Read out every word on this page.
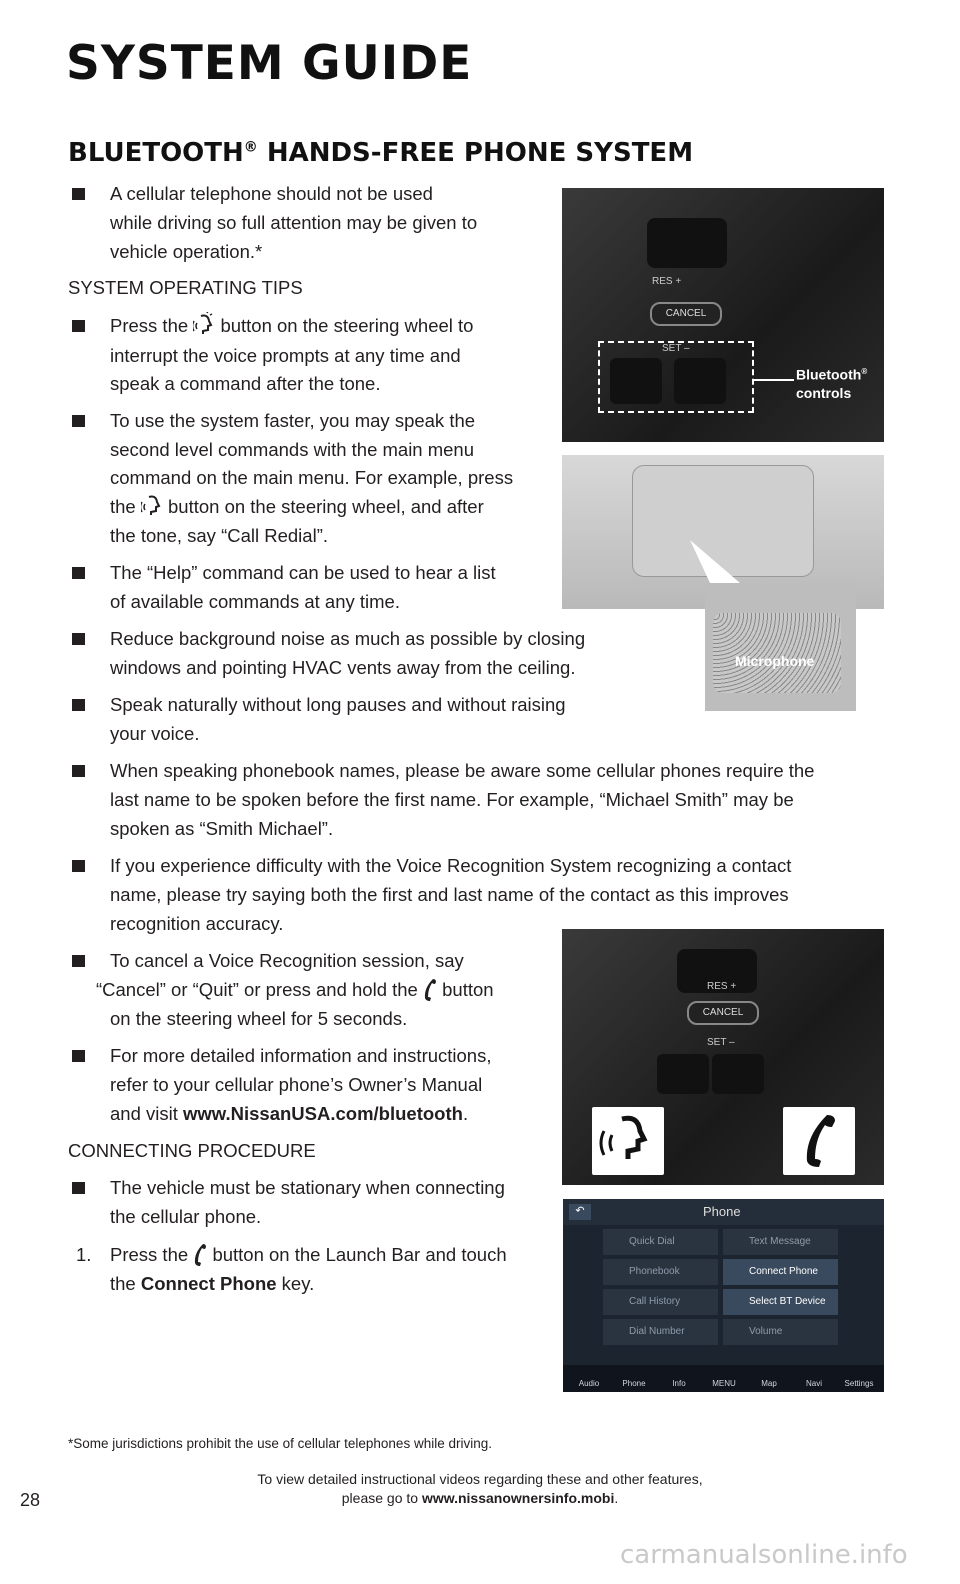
SYSTEM GUIDE
BLUETOOTH® HANDS-FREE PHONE SYSTEM
A cellular telephone should not be used
while driving so full attention may be given to
vehicle operation.*
SYSTEM OPERATING TIPS
Press the button on the steering wheel to
interrupt the voice prompts at any time and
speak a command after the tone.
To use the system faster, you may speak the
second level commands with the main menu
command on the main menu. For example, press
the button on the steering wheel, and after
the tone, say “Call Redial”.
The “Help” command can be used to hear a list
of available commands at any time.
Reduce background noise as much as possible by closing
windows and pointing HVAC vents away from the ceiling.
Speak naturally without long pauses and without raising
your voice.
When speaking phonebook names, please be aware some cellular phones require the
last name to be spoken before the first name. For example, “Michael Smith” may be
spoken as “Smith Michael”.
If you experience difficulty with the Voice Recognition System recognizing a contact
name, please try saying both the first and last name of the contact as this improves
recognition accuracy.
To cancel a Voice Recognition session, say
“Cancel” or “Quit” or press and hold the button
on the steering wheel for 5 seconds.
For more detailed information and instructions,
refer to your cellular phone’s Owner’s Manual
and visit www.NissanUSA.com/bluetooth.
CONNECTING PROCEDURE
The vehicle must be stationary when connecting
the cellular phone.
1. Press the button on the Launch Bar and touch
the Connect Phone key.
RES +
CANCEL
SET –
Bluetooth®
controls
Microphone
RES +
CANCEL
SET –
↶	Phone
Quick Dial	Text Message
Phonebook	Connect Phone
Call History	Select BT Device
Dial Number	Volume
Audio	Phone	Info	MENU	Map	Navi	Settings
*Some jurisdictions prohibit the use of cellular telephones while driving.
28
To view detailed instructional videos regarding these and other features,
please go to www.nissanownersinfo.mobi.
carmanualsonline.info
